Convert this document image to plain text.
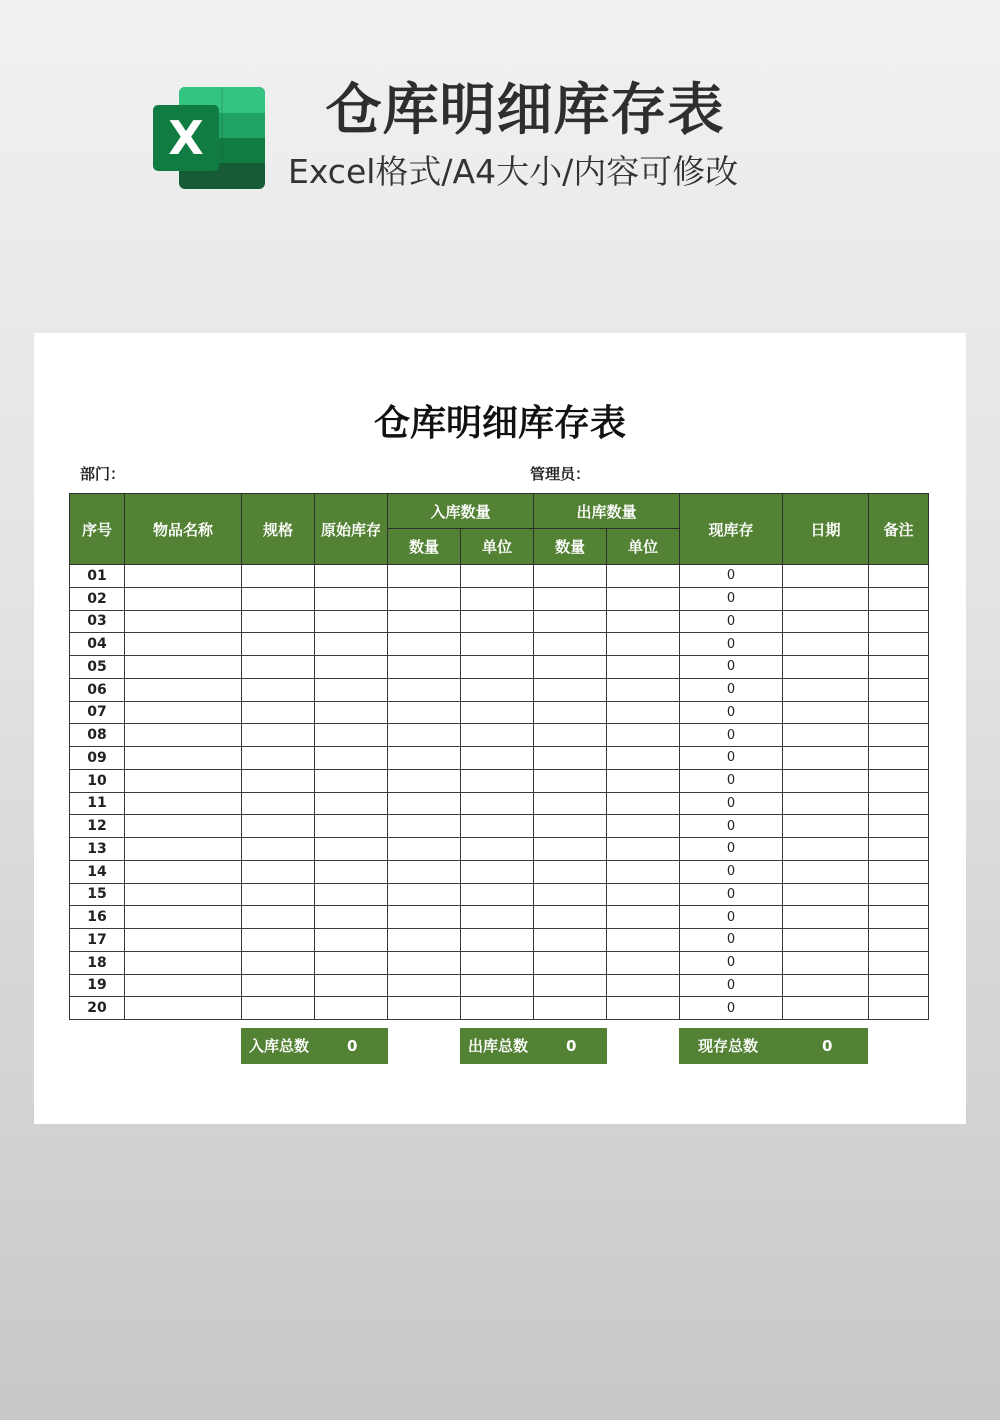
X	仓库明细库存表
Excel格式/A4大小/内容可修改
仓库明细库存表
部门：	管理员：
序号	物品名称	规格	原始库存	入库数量		出库数量		现库存	日期	备注
				数量	单位	数量	单位			
01								0		
02								0		
03								0		
04								0		
05								0		
06								0		
07								0		
08								0		
09								0		
10								0		
11								0		
12								0		
13								0		
14								0		
15								0		
16								0		
17								0		
18								0		
19								0		
20								0		
入库总数	0	出库总数	0	现存总数	0
